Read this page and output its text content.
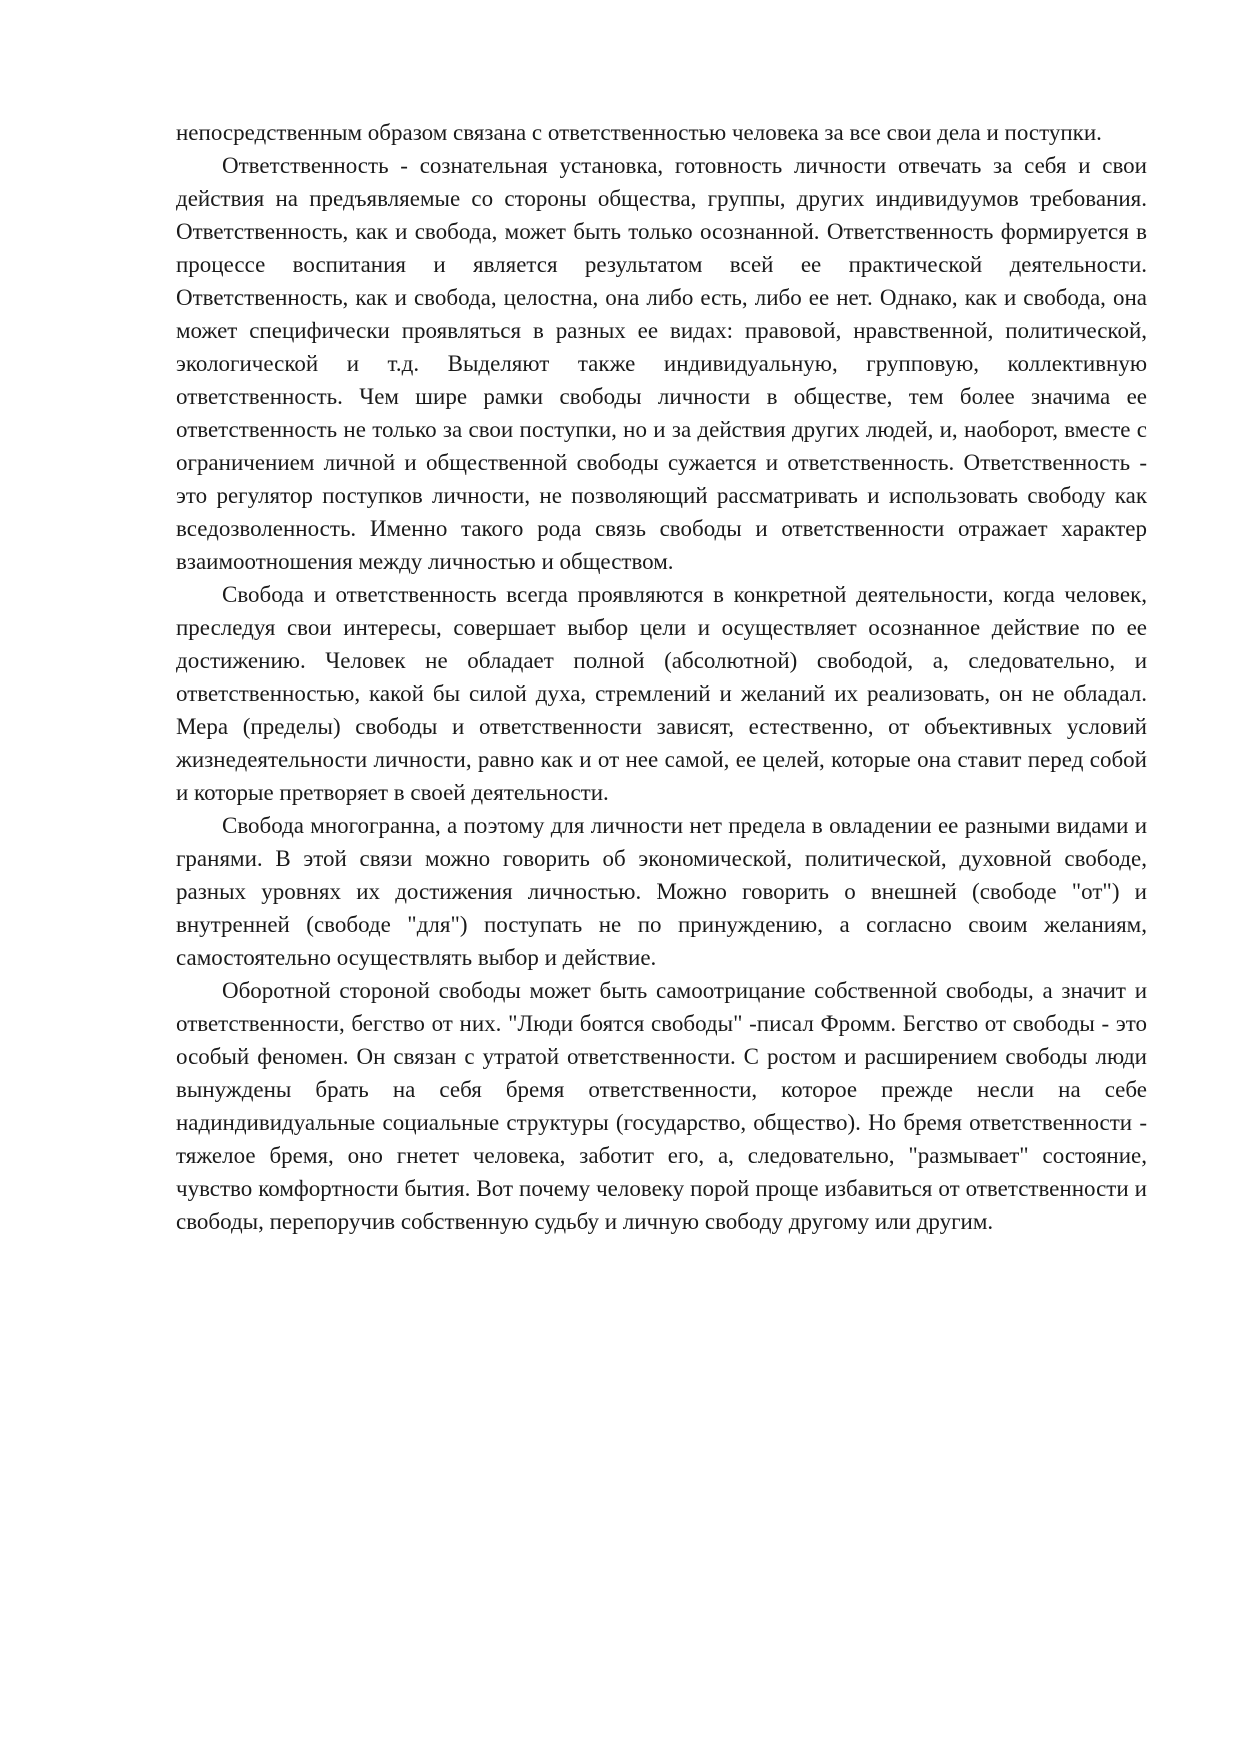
непосредственным образом связана с ответственностью человека за все свои дела и поступки.

Ответственность - сознательная установка, готовность личности отвечать за себя и свои действия на предъявляемые со стороны общества, группы, других индивидуумов требования. Ответственность, как и свобода, может быть только осознанной. Ответственность формируется в процессе воспитания и является результатом всей ее практической деятельности. Ответственность, как и свобода, целостна, она либо есть, либо ее нет. Однако, как и свобода, она может специфически проявляться в разных ее видах: правовой, нравственной, политической, экологической и т.д. Выделяют также индивидуальную, групповую, коллективную ответственность. Чем шире рамки свободы личности в обществе, тем более значима ее ответственность не только за свои поступки, но и за действия других людей, и, наоборот, вместе с ограничением личной и общественной свободы сужается и ответственность. Ответственность - это регулятор поступков личности, не позволяющий рассматривать и использовать свободу как вседозволенность. Именно такого рода связь свободы и ответственности отражает характер взаимоотношения между личностью и обществом.

Свобода и ответственность всегда проявляются в конкретной деятельности, когда человек, преследуя свои интересы, совершает выбор цели и осуществляет осознанное действие по ее достижению. Человек не обладает полной (абсолютной) свободой, а, следовательно, и ответственностью, какой бы силой духа, стремлений и желаний их реализовать, он не обладал. Мера (пределы) свободы и ответственности зависят, естественно, от объективных условий жизнедеятельности личности, равно как и от нее самой, ее целей, которые она ставит перед собой и которые претворяет в своей деятельности.

Свобода многогранна, а поэтому для личности нет предела в овладении ее разными видами и гранями. В этой связи можно говорить об экономической, политической, духовной свободе, разных уровнях их достижения личностью. Можно говорить о внешней (свободе "от") и внутренней (свободе "для") поступать не по принуждению, а согласно своим желаниям, самостоятельно осуществлять выбор и действие.

Оборотной стороной свободы может быть самоотрицание собственной свободы, а значит и ответственности, бегство от них. "Люди боятся свободы" -писал Фромм. Бегство от свободы - это особый феномен. Он связан с утратой ответственности. С ростом и расширением свободы люди вынуждены брать на себя бремя ответственности, которое прежде несли на себе надиндивидуальные социальные структуры (государство, общество). Но бремя ответственности - тяжелое бремя, оно гнетет человека, заботит его, а, следовательно, "размывает" состояние, чувство комфортности бытия. Вот почему человеку порой проще избавиться от ответственности и свободы, перепоручив собственную судьбу и личную свободу другому или другим.
